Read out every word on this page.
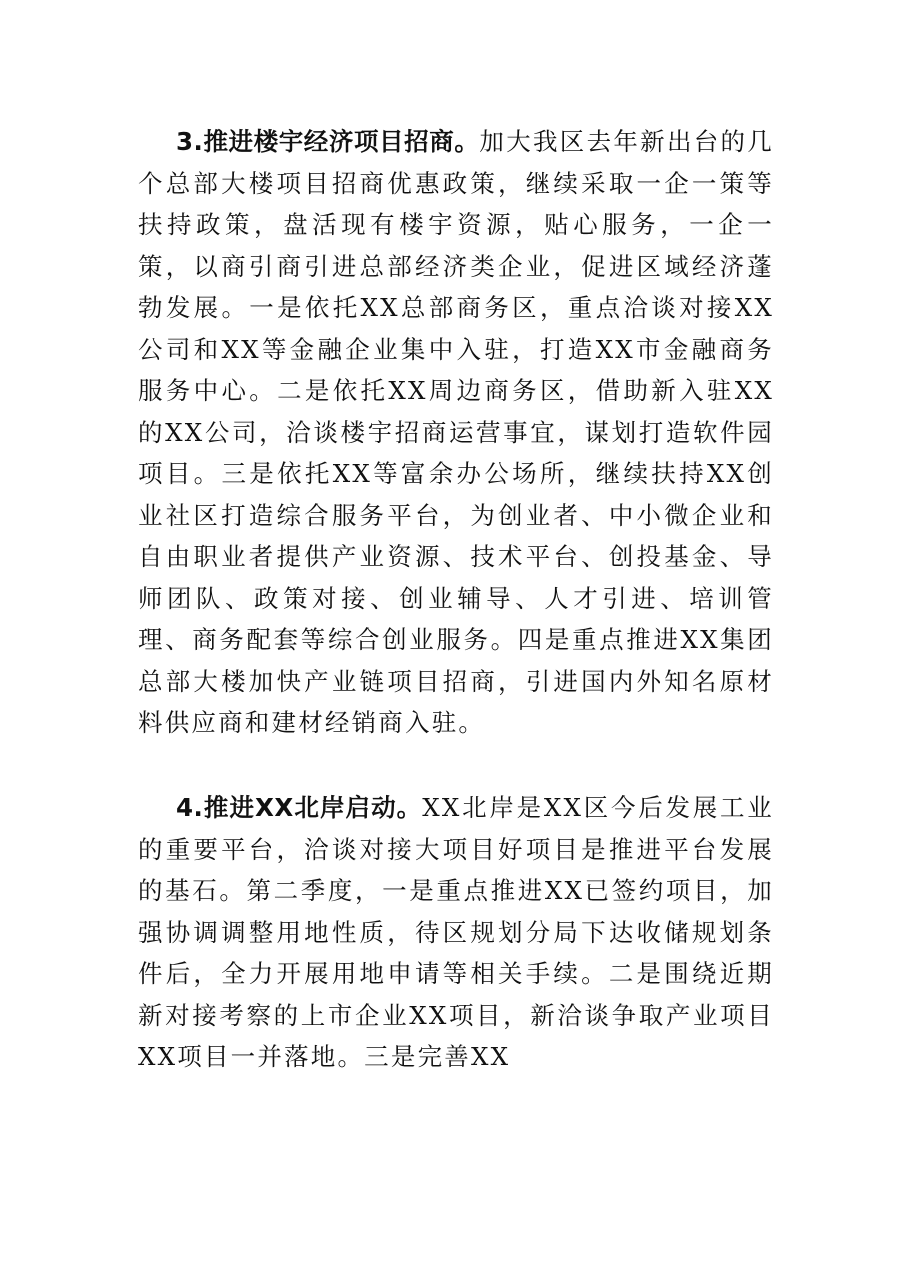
3.推进楼宇经济项目招商。加大我区去年新出台的几个总部大楼项目招商优惠政策，继续采取一企一策等扶持政策，盘活现有楼宇资源，贴心服务，一企一策，以商引商引进总部经济类企业，促进区域经济蓬勃发展。一是依托XX总部商务区，重点洽谈对接XX公司和XX等金融企业集中入驻，打造XX市金融商务服务中心。二是依托XX周边商务区，借助新入驻XX的XX公司，洽谈楼宇招商运营事宜，谋划打造软件园项目。三是依托XX等富余办公场所，继续扶持XX创业社区打造综合服务平台，为创业者、中小微企业和自由职业者提供产业资源、技术平台、创投基金、导师团队、政策对接、创业辅导、人才引进、培训管理、商务配套等综合创业服务。四是重点推进XX集团总部大楼加快产业链项目招商，引进国内外知名原材料供应商和建材经销商入驻。

4.推进XX北岸启动。XX北岸是XX区今后发展工业的重要平台，洽谈对接大项目好项目是推进平台发展的基石。第二季度，一是重点推进XX已签约项目，加强协调调整用地性质，待区规划分局下达收储规划条件后，全力开展用地申请等相关手续。二是围绕近期新对接考察的上市企业XX项目，新洽谈争取产业项目XX项目一并落地。三是完善XX
